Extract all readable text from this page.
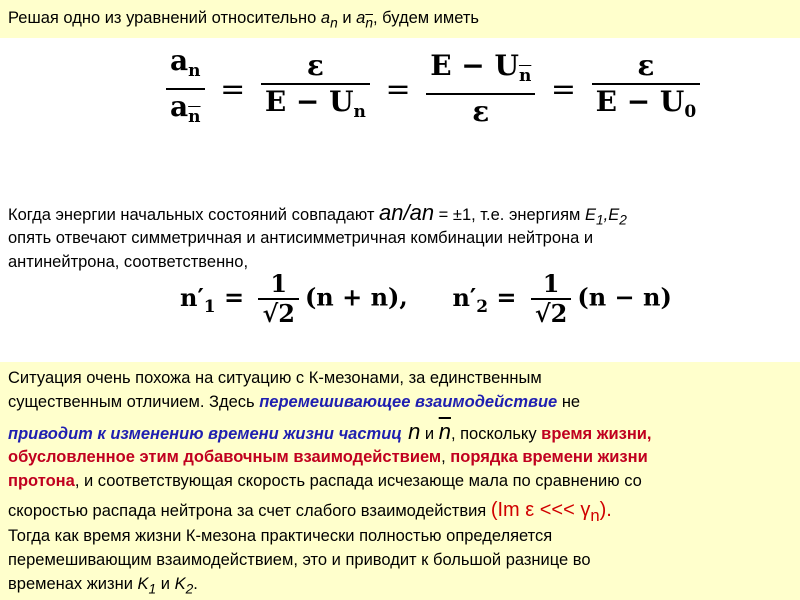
Решая одно из уравнений относительно $a_n$ и $a_{\overline{n}}$, будем иметь
$\frac{a_n}{a_{\overline{n}}} = \frac{\varepsilon}{E - U_n} = \frac{E - U_{\overline{n}}}{\varepsilon} = \frac{\varepsilon}{E - U_0}$
Когда энергии начальных состояний совпадают an/an = ±1, т.е. энергиям $E_1,E_2$
опять отвечают симметричная и антисимметричная комбинации нейтрона и
антинейтрона, соответственно,
$n'_1 = \frac{1}{√2} (n + n)$, $n'_2 = \frac{1}{√2} (n - n)$
Ситуация очень похожа на ситуацию с К-мезонами, за единственным
существенным отличием. Здесь перемешивающее взаимодействие не
приводит к изменению времени жизни частиц n и $\overline{n}$, поскольку время жизни,
обусловленное этим добавочным взаимодействием, порядка времени жизни
протона, и соответствующая скорость распада исчезающе мала по сравнению со
скоростью распада нейтрона за счет слабого взаимодействия (Im ε <<< $\gamma_n$).
Тогда как время жизни К-мезона практически полностью определяется
перемешивающим взаимодействием, это и приводит к большой разнице во
временах жизни $K_1$ и $K_2$.
